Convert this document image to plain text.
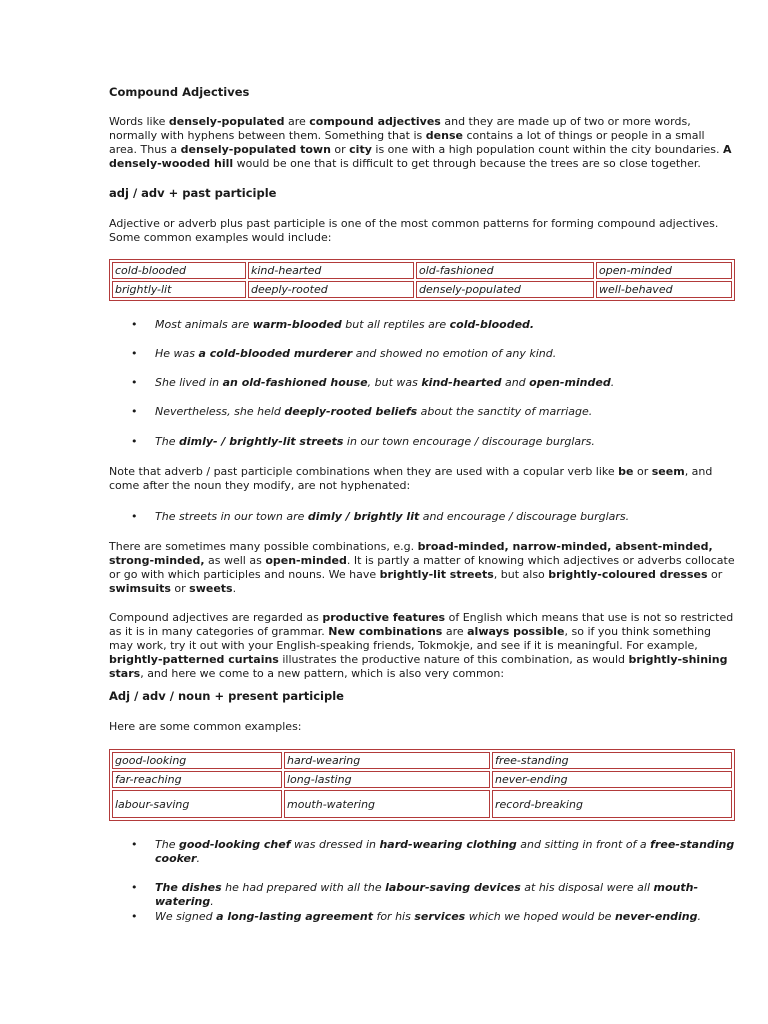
Compound Adjectives
Words like densely-populated are compound adjectives and they are made up of two or more words, normally with hyphens between them. Something that is dense contains a lot of things or people in a small area. Thus a densely-populated town or city is one with a high population count within the city boundaries. A densely-wooded hill would be one that is difficult to get through because the trees are so close together.
adj / adv + past participle
Adjective or adverb plus past participle is one of the most common patterns for forming compound adjectives. Some common examples would include:
cold-blooded	kind-hearted	old-fashioned	open-minded
brightly-lit	deeply-rooted	densely-populated	well-behaved
• Most animals are warm-blooded but all reptiles are cold-blooded.
• He was a cold-blooded murderer and showed no emotion of any kind.
• She lived in an old-fashioned house, but was kind-hearted and open-minded.
• Nevertheless, she held deeply-rooted beliefs about the sanctity of marriage.
• The dimly- / brightly-lit streets in our town encourage / discourage burglars.
Note that adverb / past participle combinations when they are used with a copular verb like be or seem, and come after the noun they modify, are not hyphenated:
• The streets in our town are dimly / brightly lit and encourage / discourage burglars.
There are sometimes many possible combinations, e.g. broad-minded, narrow-minded, absent-minded, strong-minded, as well as open-minded. It is partly a matter of knowing which adjectives or adverbs collocate or go with which participles and nouns. We have brightly-lit streets, but also brightly-coloured dresses or swimsuits or sweets.
Compound adjectives are regarded as productive features of English which means that use is not so restricted as it is in many categories of grammar. New combinations are always possible, so if you think something may work, try it out with your English-speaking friends, Tokmokje, and see if it is meaningful. For example, brightly-patterned curtains illustrates the productive nature of this combination, as would brightly-shining stars, and here we come to a new pattern, which is also very common:
Adj / adv / noun + present participle
Here are some common examples:
good-looking	hard-wearing	free-standing
far-reaching	long-lasting	never-ending
labour-saving	mouth-watering	record-breaking
• The good-looking chef was dressed in hard-wearing clothing and sitting in front of a free-standing cooker.
• The dishes he had prepared with all the labour-saving devices at his disposal were all mouth-watering.
• We signed a long-lasting agreement for his services which we hoped would be never-ending.
